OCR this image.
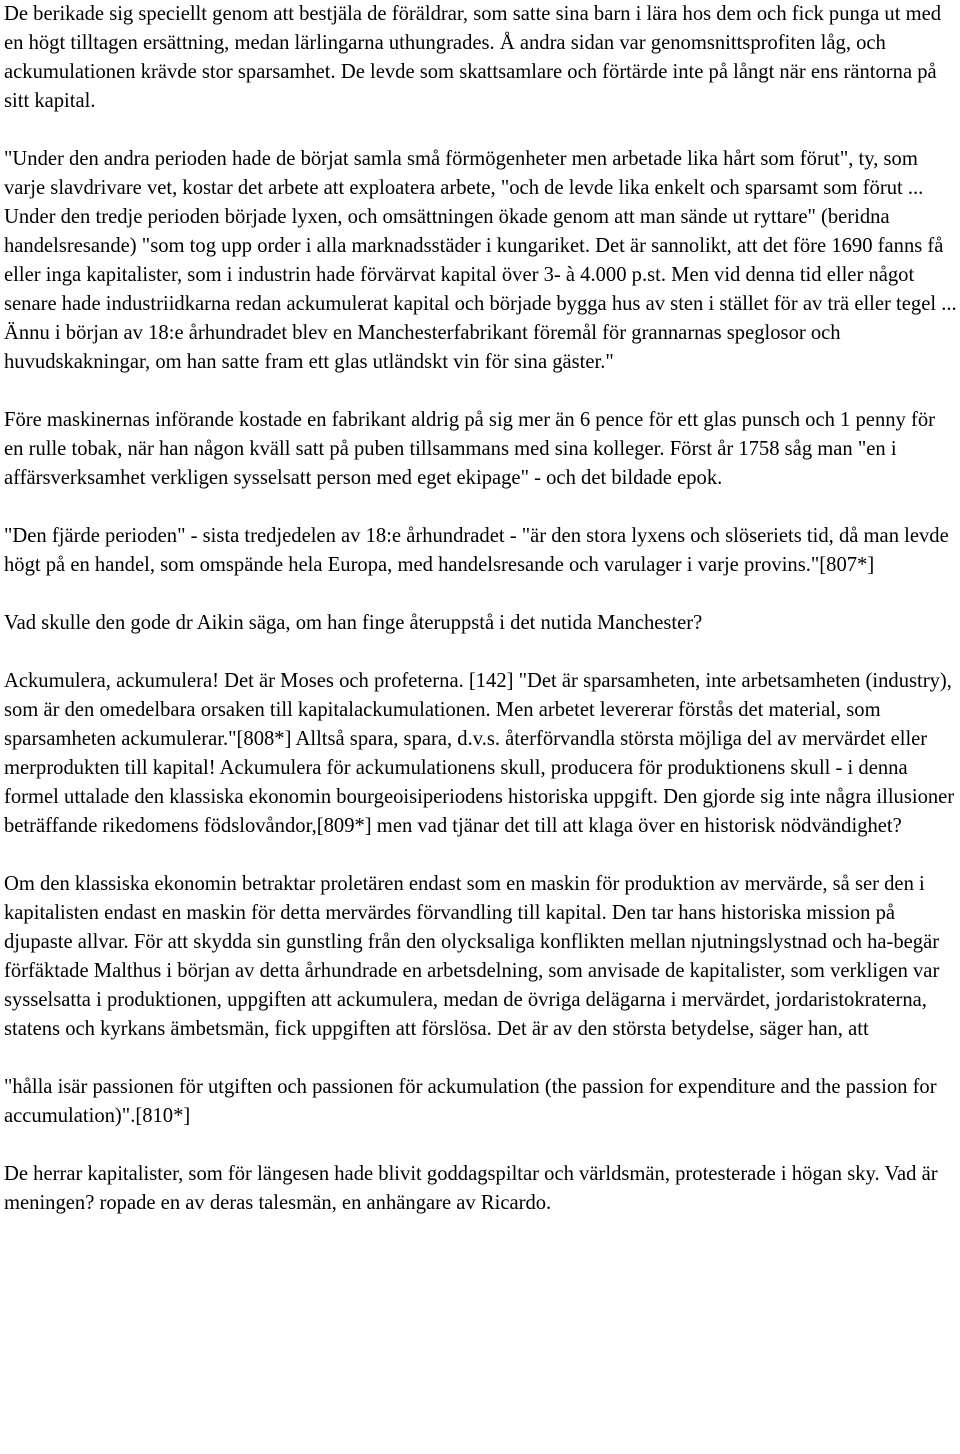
De berikade sig speciellt genom att bestjäla de föräldrar, som satte sina barn i lära hos dem och fick punga ut med en högt tilltagen ersättning, medan lärlingarna uthungrades. Å andra sidan var genomsnittsprofiten låg, och ackumulationen krävde stor sparsamhet. De levde som skattsamlare och förtärde inte på långt när ens räntorna på sitt kapital.

"Under den andra perioden hade de börjat samla små förmögenheter men arbetade lika hårt som förut", ty, som varje slavdrivare vet, kostar det arbete att exploatera arbete, "och de levde lika enkelt och sparsamt som förut ... Under den tredje perioden började lyxen, och omsättningen ökade genom att man sände ut ryttare" (beridna handelsresande) "som tog upp order i alla marknadsstäder i kungariket. Det är sannolikt, att det före 1690 fanns få eller inga kapitalister, som i industrin hade förvärvat kapital över 3- à 4.000 p.st. Men vid denna tid eller något senare hade industriidkarna redan ackumulerat kapital och började bygga hus av sten i stället för av trä eller tegel ... Ännu i början av 18:e århundradet blev en Manchesterfabrikant föremål för grannarnas speglosor och huvudskakningar, om han satte fram ett glas utländskt vin för sina gäster."

Före maskinernas införande kostade en fabrikant aldrig på sig mer än 6 pence för ett glas punsch och 1 penny för en rulle tobak, när han någon kväll satt på puben tillsammans med sina kolleger. Först år 1758 såg man "en i affärsverksamhet verkligen sysselsatt person med eget ekipage" - och det bildade epok.

"Den fjärde perioden" - sista tredjedelen av 18:e århundradet - "är den stora lyxens och slöseriets tid, då man levde högt på en handel, som omspände hela Europa, med handelsresande och varulager i varje provins."[807*]

Vad skulle den gode dr Aikin säga, om han finge återuppstå i det nutida Manchester?

Ackumulera, ackumulera! Det är Moses och profeterna. [142] "Det är sparsamheten, inte arbetsamheten (industry), som är den omedelbara orsaken till kapitalackumulationen. Men arbetet levererar förstås det material, som sparsamheten ackumulerar."[808*] Alltså spara, spara, d.v.s. återförvandla största möjliga del av mervärdet eller merprodukten till kapital! Ackumulera för ackumulationens skull, producera för produktionens skull - i denna formel uttalade den klassiska ekonomin bourgeoisiperiodens historiska uppgift. Den gjorde sig inte några illusioner beträffande rikedomens födslovåndor,[809*] men vad tjänar det till att klaga över en historisk nödvändighet?

Om den klassiska ekonomin betraktar proletären endast som en maskin för produktion av mervärde, så ser den i kapitalisten endast en maskin för detta mervärdes förvandling till kapital. Den tar hans historiska mission på djupaste allvar. För att skydda sin gunstling från den olycksaliga konflikten mellan njutningslystnad och ha-begär förfäktade Malthus i början av detta århundrade en arbetsdelning, som anvisade de kapitalister, som verkligen var sysselsatta i produktionen, uppgiften att ackumulera, medan de övriga delägarna i mervärdet, jordaristokraterna, statens och kyrkans ämbetsmän, fick uppgiften att förslösa. Det är av den största betydelse, säger han, att

"hålla isär passionen för utgiften och passionen för ackumulation (the passion for expenditure and the passion for accumulation)".[810*]

De herrar kapitalister, som för längesen hade blivit goddagspiltar och världsmän, protesterade i högan sky. Vad är meningen? ropade en av deras talesmän, en anhängare av Ricardo.
